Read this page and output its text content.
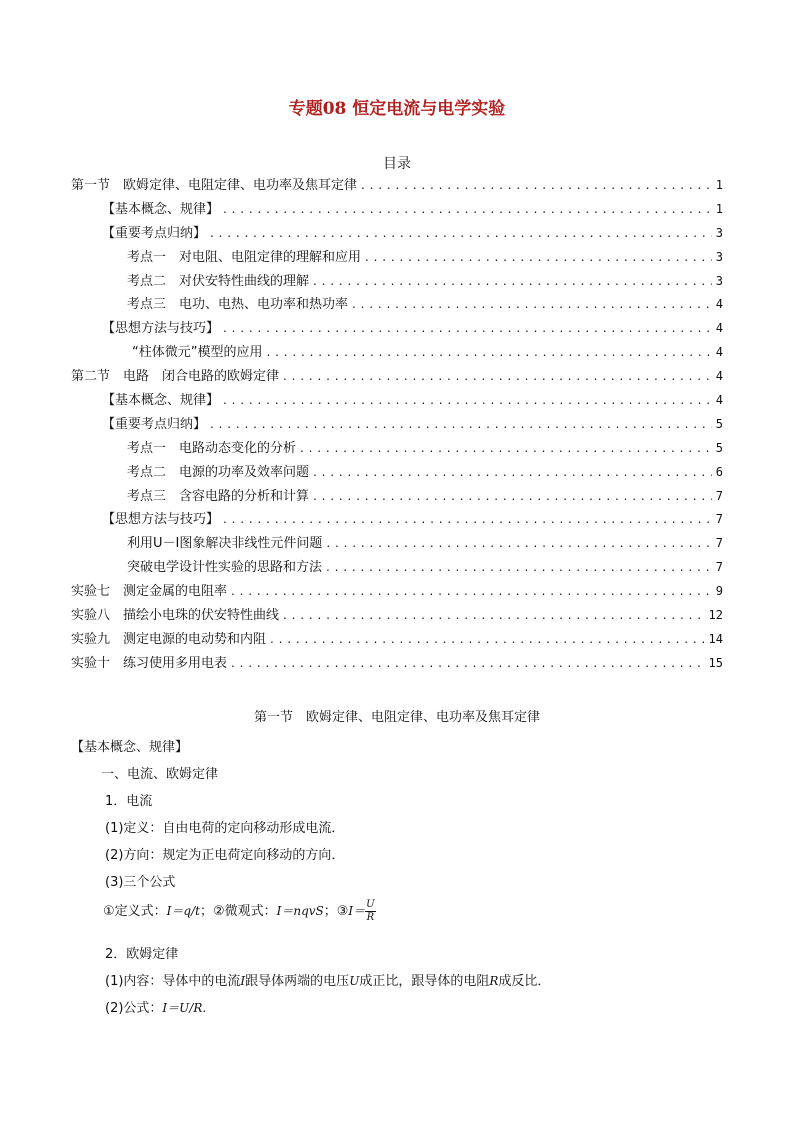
专题08 恒定电流与电学实验
目录
第一节　欧姆定律、电阻定律、电功率及焦耳定律 . . .	1
【基本概念、规律】 . . .	1
【重要考点归纳】 . . .	3
考点一　对电阻、电阻定律的理解和应用 . . .	3
考点二　对伏安特性曲线的理解 . . .	3
考点三　电功、电热、电功率和热功率 . . .	4
【思想方法与技巧】 . . .	4
“柱体微元”模型的应用 . . .	4
第二节　电路　闭合电路的欧姆定律 . . .	4
【基本概念、规律】 . . .	4
【重要考点归纳】 . . .	5
考点一　电路动态变化的分析 . . .	5
考点二　电源的功率及效率问题 . . .	6
考点三　含容电路的分析和计算 . . .	7
【思想方法与技巧】 . . .	7
利用U－I图象解决非线性元件问题 . . .	7
突破电学设计性实验的思路和方法 . . .	7
实验七　测定金属的电阻率 . . .	9
实验八　描绘小电珠的伏安特性曲线 . . .	12
实验九　测定电源的电动势和内阻 . . .	14
实验十　练习使用多用电表 . . .	15
第一节　欧姆定律、电阻定律、电功率及焦耳定律
【基本概念、规律】
一、电流、欧姆定律
1．电流
(1)定义：自由电荷的定向移动形成电流．
(2)方向：规定为正电荷定向移动的方向．
(3)三个公式
①定义式：I＝q/t；②微观式：I＝nqvS；③I＝ $\frac{U}{R}$
2．欧姆定律
(1)内容：导体中的电流I跟导体两端的电压U成正比，跟导体的电阻R成反比．
(2)公式：I＝U/R.
